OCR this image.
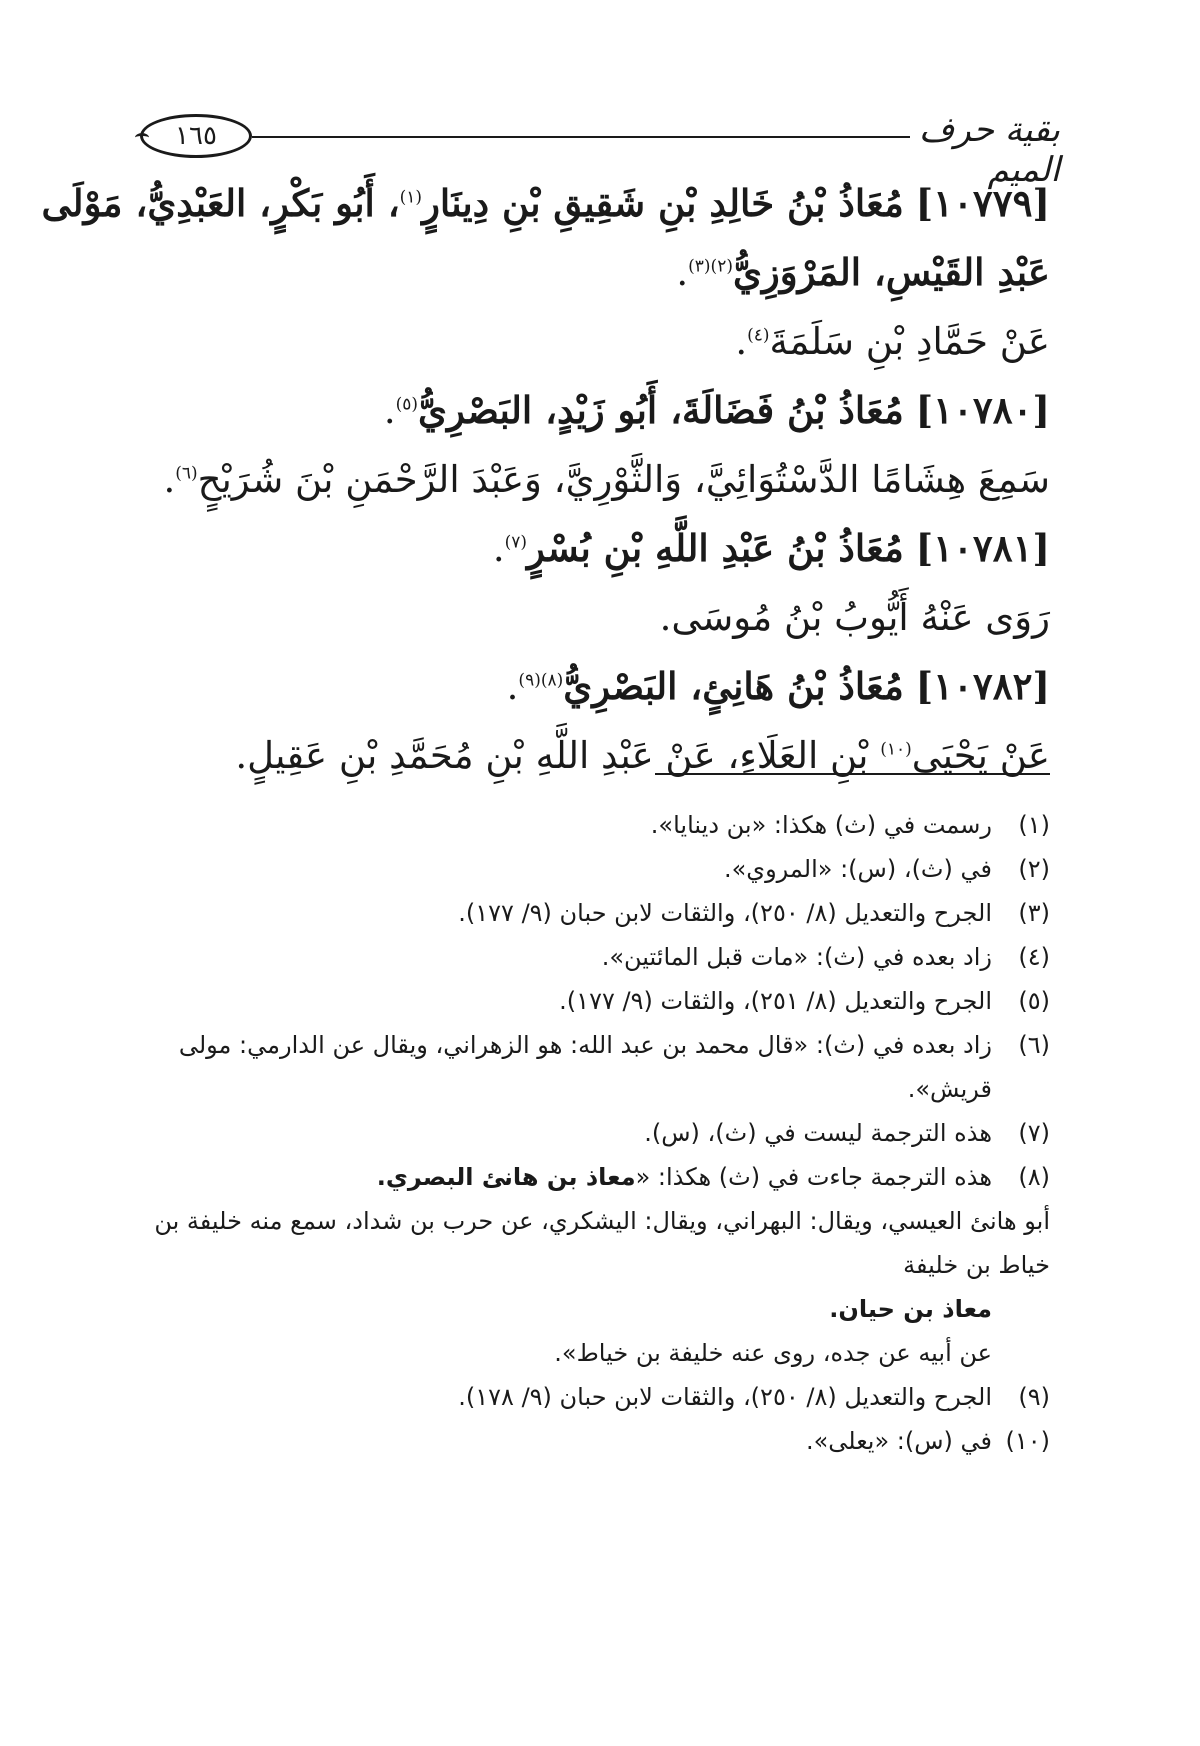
١٦٥	بقية حرف الميم
[١٠٧٧٩] مُعَاذُ بْنُ خَالِدِ بْنِ شَقِيقِ بْنِ دِينَارٍ$^{(١)}$، أَبُو بَكْرٍ، العَبْدِيُّ، مَوْلَى
عَبْدِ القَيْسِ، المَرْوَزِيُّ$^{(٢)(٣)}$.
عَنْ حَمَّادِ بْنِ سَلَمَةَ$^{(٤)}$.
[١٠٧٨٠] مُعَاذُ بْنُ فَضَالَةَ، أَبُو زَيْدٍ، البَصْرِيُّ$^{(٥)}$.
سَمِعَ هِشَامًا الدَّسْتُوَائِيَّ، وَالثَّوْرِيَّ، وَعَبْدَ الرَّحْمَنِ بْنَ شُرَيْحٍ$^{(٦)}$.
[١٠٧٨١] مُعَاذُ بْنُ عَبْدِ اللَّهِ بْنِ بُسْرٍ$^{(٧)}$.
رَوَى عَنْهُ أَيُّوبُ بْنُ مُوسَى.
[١٠٧٨٢] مُعَاذُ بْنُ هَانِئٍ، البَصْرِيُّ$^{(٨)(٩)}$.
عَنْ يَحْيَى$^{(١٠)}$ بْنِ العَلَاءِ، عَنْ عَبْدِ اللَّهِ بْنِ مُحَمَّدِ بْنِ عَقِيلٍ.
(١)
رسمت في (ث) هكذا: «بن دينايا».
(٢)
في (ث)، (س): «المروي».
(٣)
الجرح والتعديل (٨/ ٢٥٠)، والثقات لابن حبان (٩/ ١٧٧).
(٤)
زاد بعده في (ث): «مات قبل المائتين».
(٥)
الجرح والتعديل (٨/ ٢٥١)، والثقات (٩/ ١٧٧).
(٦)
زاد بعده في (ث): «قال محمد بن عبد الله: هو الزهراني، ويقال عن الدارمي: مولى قريش».
(٧)
هذه الترجمة ليست في (ث)، (س).
(٨)
هذه الترجمة جاءت في (ث) هكذا: «معاذ بن هانئ البصري.
أبو هانئ العيسي، ويقال: البهراني، ويقال: اليشكري، عن حرب بن شداد، سمع منه خليفة بن خياط بن خليفة
معاذ بن حيان.
عن أبيه عن جده، روى عنه خليفة بن خياط».
(٩)
الجرح والتعديل (٨/ ٢٥٠)، والثقات لابن حبان (٩/ ١٧٨).
(١٠)
في (س): «يعلى».
